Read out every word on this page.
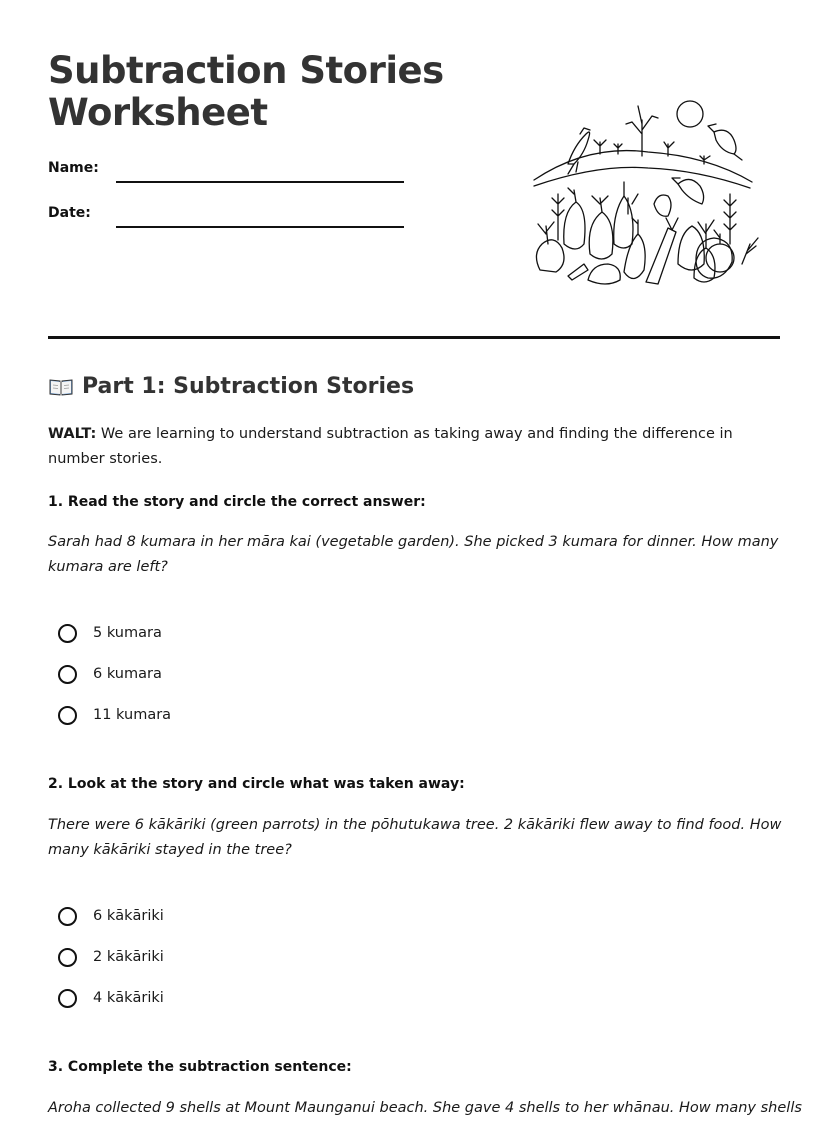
Subtraction Stories Worksheet
Name:
Date:
Part 1: Subtraction Stories
WALT: We are learning to understand subtraction as taking away and finding the difference in number stories.
1. Read the story and circle the correct answer:
Sarah had 8 kumara in her māra kai (vegetable garden). She picked 3 kumara for dinner. How many kumara are left?
5 kumara
6 kumara
11 kumara
2. Look at the story and circle what was taken away:
There were 6 kākāriki (green parrots) in the pōhutukawa tree. 2 kākāriki flew away to find food. How many kākāriki stayed in the tree?
6 kākāriki
2 kākāriki
4 kākāriki
3. Complete the subtraction sentence:
Aroha collected 9 shells at Mount Maunganui beach. She gave 4 shells to her whānau. How many shells
